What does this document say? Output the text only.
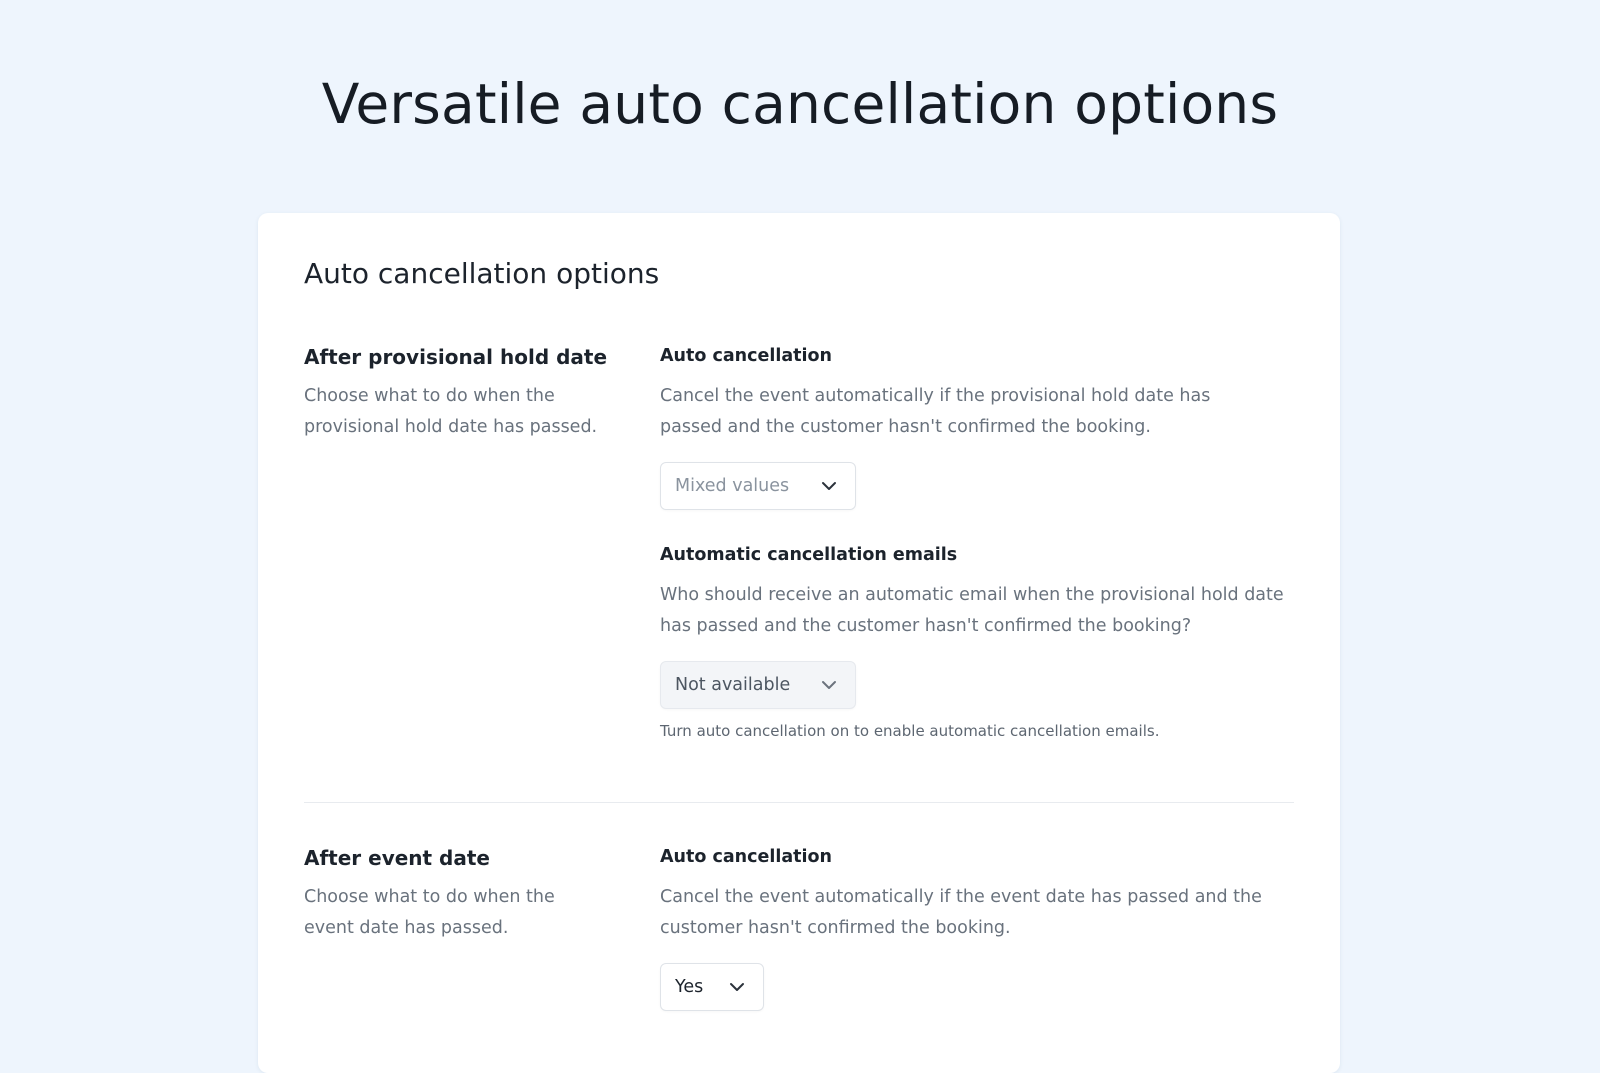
Versatile auto cancellation options
Auto cancellation options
After provisional hold date

Choose what to do when the provisional hold date has passed.

Auto cancellation

Cancel the event automatically if the provisional hold date has passed and the customer hasn't confirmed the booking.

Mixed values

Automatic cancellation emails

Who should receive an automatic email when the provisional hold date has passed and the customer hasn't confirmed the booking?

Not available

Turn auto cancellation on to enable automatic cancellation emails.

After event date

Choose what to do when the event date has passed.

Auto cancellation

Cancel the event automatically if the event date has passed and the customer hasn't confirmed the booking.

Yes
